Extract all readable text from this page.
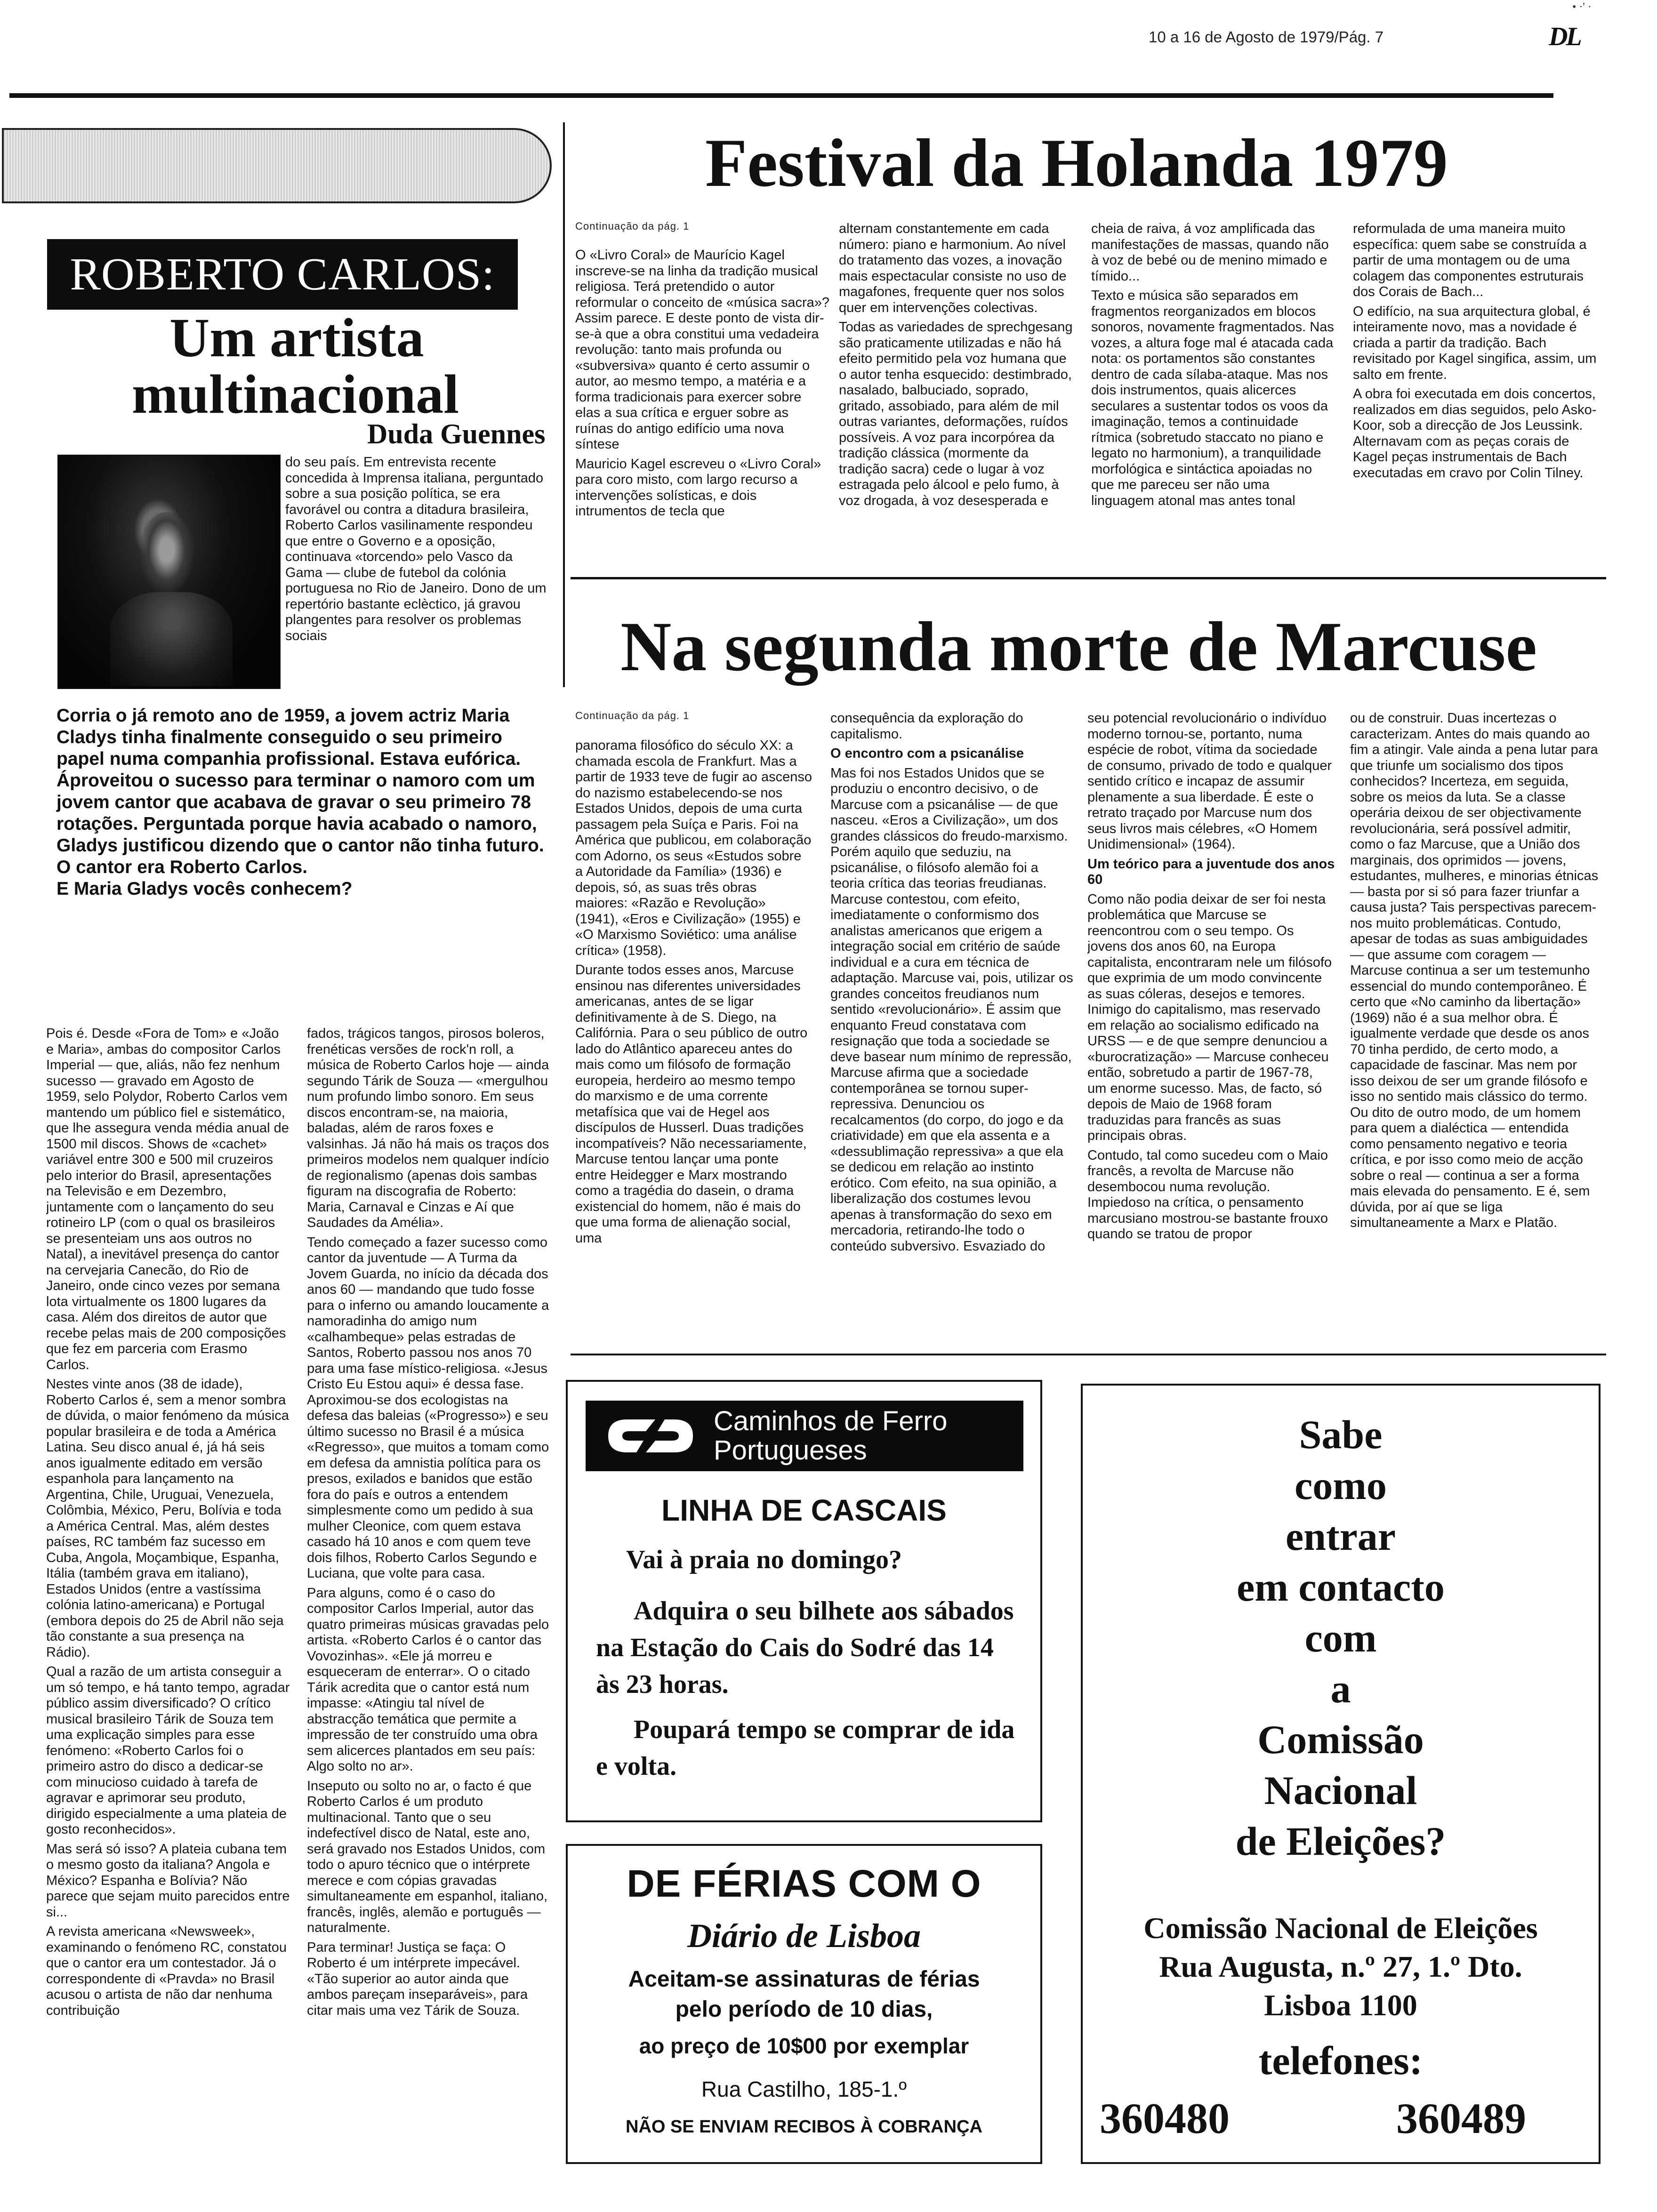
10 a 16 de Agosto de 1979/Pág. 7	DL
• ·' ·
ROBERTO CARLOS:
Um artista
multinacional
Duda Guennes
do seu país. Em entrevista recente concedida à Imprensa italiana, perguntado sobre a sua posição política, se era favorável ou contra a ditadura brasileira, Roberto Carlos vasilinamente respondeu que entre o Governo e a oposição, continuava «torcendo» pelo Vasco da Gama — clube de futebol da colónia portuguesa no Rio de Janeiro. Dono de um repertório bastante eclèctico, já gravou plangentes para resolver os problemas sociais
Corria o já remoto ano de 1959, a jovem actriz Maria Cladys tinha finalmente conseguido o seu primeiro papel numa companhia profissional. Estava eufórica. Áproveitou o sucesso para terminar o namoro com um jovem cantor que acabava de gravar o seu primeiro 78 rotações. Perguntada porque havia acabado o namoro, Gladys justificou dizendo que o cantor não tinha futuro.
O cantor era Roberto Carlos.
E Maria Gladys vocês conhecem?

Pois é. Desde «Fora de Tom» e «João e Maria», ambas do compositor Carlos Imperial — que, aliás, não fez nenhum sucesso — gravado em Agosto de 1959, selo Polydor, Roberto Carlos vem mantendo um público fiel e sistemático, que lhe assegura venda média anual de 1500 mil discos. Shows de «cachet» variável entre 300 e 500 mil cruzeiros pelo interior do Brasil, apresentações na Televisão e em Dezembro, juntamente com o lançamento do seu rotineiro LP (com o qual os brasileiros se presenteiam uns aos outros no Natal), a inevitável presença do cantor na cervejaria Canecão, do Rio de Janeiro, onde cinco vezes por semana lota virtualmente os 1800 lugares da casa. Além dos direitos de autor que recebe pelas mais de 200 composições que fez em parceria com Erasmo Carlos.

Nestes vinte anos (38 de idade), Roberto Carlos é, sem a menor sombra de dúvida, o maior fenómeno da música popular brasileira e de toda a América Latina. Seu disco anual é, já há seis anos igualmente editado em versão espanhola para lançamento na Argentina, Chile, Uruguai, Venezuela, Colômbia, México, Peru, Bolívia e toda a América Central. Mas, além destes países, RC também faz sucesso em Cuba, Angola, Moçambique, Espanha, Itália (também grava em italiano), Estados Unidos (entre a vastíssima colónia latino-americana) e Portugal (embora depois do 25 de Abril não seja tão constante a sua presença na Rádio).

Qual a razão de um artista conseguir a um só tempo, e há tanto tempo, agradar público assim diversificado? O crítico musical brasileiro Tárik de Souza tem uma explicação simples para esse fenómeno: «Roberto Carlos foi o primeiro astro do disco a dedicar-se com minucioso cuidado à tarefa de agravar e aprimorar seu produto, dirigido especialmente a uma plateia de gosto reconhecidos».

Mas será só isso? A plateia cubana tem o mesmo gosto da italiana? Angola e México? Espanha e Bolívia? Não parece que sejam muito parecidos entre si...

A revista americana «Newsweek», examinando o fenómeno RC, constatou que o cantor era um contestador. Já o correspondente di «Pravda» no Brasil acusou o artista de não dar nenhuma contribuição

fados, trágicos tangos, pirosos boleros, frenéticas versões de rock'n roll, a música de Roberto Carlos hoje — ainda segundo Tárik de Souza — «mergulhou num profundo limbo sonoro. Em seus discos encontram-se, na maioria, baladas, além de raros foxes e valsinhas. Já não há mais os traços dos primeiros modelos nem qualquer indício de regionalismo (apenas dois sambas figuram na discografia de Roberto: Maria, Carnaval e Cinzas e Aí que Saudades da Amélia».

Tendo começado a fazer sucesso como cantor da juventude — A Turma da Jovem Guarda, no início da década dos anos 60 — mandando que tudo fosse para o inferno ou amando loucamente a namoradinha do amigo num «calhambeque» pelas estradas de Santos, Roberto passou nos anos 70 para uma fase místico-religiosa. «Jesus Cristo Eu Estou aqui» é dessa fase. Aproximou-se dos ecologistas na defesa das baleias («Progresso») e seu último sucesso no Brasil é a música «Regresso», que muitos a tomam como em defesa da amnistia política para os presos, exilados e banidos que estão fora do país e outros a entendem simplesmente como um pedido à sua mulher Cleonice, com quem estava casado há 10 anos e com quem teve dois filhos, Roberto Carlos Segundo e Luciana, que volte para casa.

Para alguns, como é o caso do compositor Carlos Imperial, autor das quatro primeiras músicas gravadas pelo artista. «Roberto Carlos é o cantor das Vovozinhas». «Ele já morreu e esqueceram de enterrar». O o citado Tárik acredita que o cantor está num impasse: «Atingiu tal nível de abstracção temática que permite a impressão de ter construído uma obra sem alicerces plantados em seu país: Algo solto no ar».

Inseputo ou solto no ar, o facto é que Roberto Carlos é um produto multinacional. Tanto que o seu indefectível disco de Natal, este ano, será gravado nos Estados Unidos, com todo o apuro técnico que o intérprete merece e com cópias gravadas simultaneamente em espanhol, italiano, francês, inglês, alemão e português — naturalmente.

Para terminar! Justiça se faça: O Roberto é um intérprete impecável. «Tão superior ao autor ainda que ambos pareçam inseparáveis», para citar mais uma vez Tárik de Souza.

Festival da Holanda 1979
Continuação da pág. 1

O «Livro Coral» de Maurício Kagel inscreve-se na linha da tradição musical religiosa. Terá pretendido o autor reformular o conceito de «música sacra»? Assim parece. E deste ponto de vista dir-se-à que a obra constitui uma vedadeira revolução: tanto mais profunda ou «subversiva» quanto é certo assumir o autor, ao mesmo tempo, a matéria e a forma tradicionais para exercer sobre elas a sua crítica e erguer sobre as ruínas do antigo edifício uma nova síntese

Mauricio Kagel escreveu o «Livro Coral» para coro misto, com largo recurso a intervenções solísticas, e dois intrumentos de tecla que

alternam constantemente em cada número: piano e harmonium. Ao nível do tratamento das vozes, a inovação mais espectacular consiste no uso de magafones, frequente quer nos solos quer em intervenções colectivas.

Todas as variedades de sprechgesang são praticamente utilizadas e não há efeito permitido pela voz humana que o autor tenha esquecido: destimbrado, nasalado, balbuciado, soprado, gritado, assobiado, para além de mil outras variantes, deformações, ruídos possíveis. A voz para incorpórea da tradição clássica (mormente da tradição sacra) cede o lugar à voz estragada pelo álcool e pelo fumo, à voz drogada, à voz desesperada e

cheia de raiva, á voz amplificada das manifestações de massas, quando não à voz de bebé ou de menino mimado e tímido...

Texto e música são separados em fragmentos reorganizados em blocos sonoros, novamente fragmentados. Nas vozes, a altura foge mal é atacada cada nota: os portamentos são constantes dentro de cada sílaba-ataque. Mas nos dois instrumentos, quais alicerces seculares a sustentar todos os voos da imaginação, temos a continuidade rítmica (sobretudo staccato no piano e legato no harmonium), a tranquilidade morfológica e sintáctica apoiadas no que me pareceu ser não uma linguagem atonal mas antes tonal

reformulada de uma maneira muito específica: quem sabe se construída a partir de uma montagem ou de uma colagem das componentes estruturais dos Corais de Bach...

O edifício, na sua arquitectura global, é inteiramente novo, mas a novidade é criada a partir da tradição. Bach revisitado por Kagel singifica, assim, um salto em frente.

A obra foi executada em dois concertos, realizados em dias seguidos, pelo Asko-Koor, sob a direcção de Jos Leussink. Alternavam com as peças corais de Kagel peças instrumentais de Bach executadas em cravo por Colin Tilney.

Na segunda morte de Marcuse
Continuação da pág. 1

panorama filosófico do século XX: a chamada escola de Frankfurt. Mas a partir de 1933 teve de fugir ao ascenso do nazismo estabelecendo-se nos Estados Unidos, depois de uma curta passagem pela Suíça e Paris. Foi na América que publicou, em colaboração com Adorno, os seus «Estudos sobre a Autoridade da Família» (1936) e depois, só, as suas três obras maiores: «Razão e Revolução» (1941), «Eros e Civilização» (1955) e «O Marxismo Soviético: uma análise crítica» (1958).

Durante todos esses anos, Marcuse ensinou nas diferentes universidades americanas, antes de se ligar definitivamente à de S. Diego, na Califórnia. Para o seu público de outro lado do Atlântico apareceu antes do mais como um filósofo de formação europeia, herdeiro ao mesmo tempo do marxismo e de uma corrente metafísica que vai de Hegel aos discípulos de Husserl. Duas tradições incompatíveis? Não necessariamente, Marcuse tentou lançar uma ponte entre Heidegger e Marx mostrando como a tragédia do dasein, o drama existencial do homem, não é mais do que uma forma de alienação social, uma

consequência da exploração do capitalismo.

O encontro com a psicanálise

Mas foi nos Estados Unidos que se produziu o encontro decisivo, o de Marcuse com a psicanálise — de que nasceu. «Eros a Civilização», um dos grandes clássicos do freudo-marxismo. Porém aquilo que seduziu, na psicanálise, o filósofo alemão foi a teoria crítica das teorias freudianas. Marcuse contestou, com efeito, imediatamente o conformismo dos analistas americanos que erigem a integração social em critério de saúde individual e a cura em técnica de adaptação. Marcuse vai, pois, utilizar os grandes conceitos freudianos num sentido «revolucionário». É assim que enquanto Freud constatava com resignação que toda a sociedade se deve basear num mínimo de repressão, Marcuse afirma que a sociedade contemporânea se tornou super-repressiva. Denunciou os recalcamentos (do corpo, do jogo e da criatividade) em que ela assenta e a «dessublimação repressiva» a que ela se dedicou em relação ao instinto erótico. Com efeito, na sua opinião, a liberalização dos costumes levou apenas à transformação do sexo em mercadoria, retirando-lhe todo o conteúdo subversivo. Esvaziado do

seu potencial revolucionário o indivíduo moderno tornou-se, portanto, numa espécie de robot, vítima da sociedade de consumo, privado de todo e qualquer sentido crítico e incapaz de assumir plenamente a sua liberdade. É este o retrato traçado por Marcuse num dos seus livros mais célebres, «O Homem Unidimensional» (1964).

Um teórico para a juventude dos anos 60

Como não podia deixar de ser foi nesta problemática que Marcuse se reencontrou com o seu tempo. Os jovens dos anos 60, na Europa capitalista, encontraram nele um filósofo que exprimia de um modo convincente as suas cóleras, desejos e temores. Inimigo do capitalismo, mas reservado em relação ao socialismo edificado na URSS — e de que sempre denunciou a «burocratização» — Marcuse conheceu então, sobretudo a partir de 1967-78, um enorme sucesso. Mas, de facto, só depois de Maio de 1968 foram traduzidas para francês as suas principais obras.

Contudo, tal como sucedeu com o Maio francês, a revolta de Marcuse não desembocou numa revolução. Impiedoso na crítica, o pensamento marcusiano mostrou-se bastante frouxo quando se tratou de propor

ou de construir. Duas incertezas o caracterizam. Antes do mais quando ao fim a atingir. Vale ainda a pena lutar para que triunfe um socialismo dos tipos conhecidos? Incerteza, em seguida, sobre os meios da luta. Se a classe operária deixou de ser objectivamente revolucionária, será possível admitir, como o faz Marcuse, que a União dos marginais, dos oprimidos — jovens, estudantes, mulheres, e minorias étnicas — basta por si só para fazer triunfar a causa justa? Tais perspectivas parecem-nos muito problemáticas. Contudo, apesar de todas as suas ambiguidades — que assume com coragem — Marcuse continua a ser um testemunho essencial do mundo contemporâneo. É certo que «No caminho da libertação» (1969) não é a sua melhor obra. É igualmente verdade que desde os anos 70 tinha perdido, de certo modo, a capacidade de fascinar. Mas nem por isso deixou de ser um grande filósofo e isso no sentido mais clássico do termo. Ou dito de outro modo, de um homem para quem a dialéctica — entendida como pensamento negativo e teoria crítica, e por isso como meio de acção sobre o real — continua a ser a forma mais elevada do pensamento. E é, sem dúvida, por aí que se liga simultaneamente a Marx e Platão.

Caminhos de Ferro
Portugueses
LINHA DE CASCAIS
Vai à praia no domingo?
Adquira o seu bilhete aos sábados na Estação do Cais do Sodré das 14 às 23 horas.
Poupará tempo se comprar de ida e volta.
DE FÉRIAS COM O
Diário de Lisboa
Aceitam-se assinaturas de férias
pelo período de 10 dias,
ao preço de 10$00 por exemplar
Rua Castilho, 185-1.º
NÃO SE ENVIAM RECIBOS À COBRANÇA
Sabe
como
entrar
em contacto
com
a
Comissão
Nacional
de Eleições?
Comissão Nacional de Eleições
Rua Augusta, n.º 27, 1.º Dto.
Lisboa 1100
telefones:
360480	360489
